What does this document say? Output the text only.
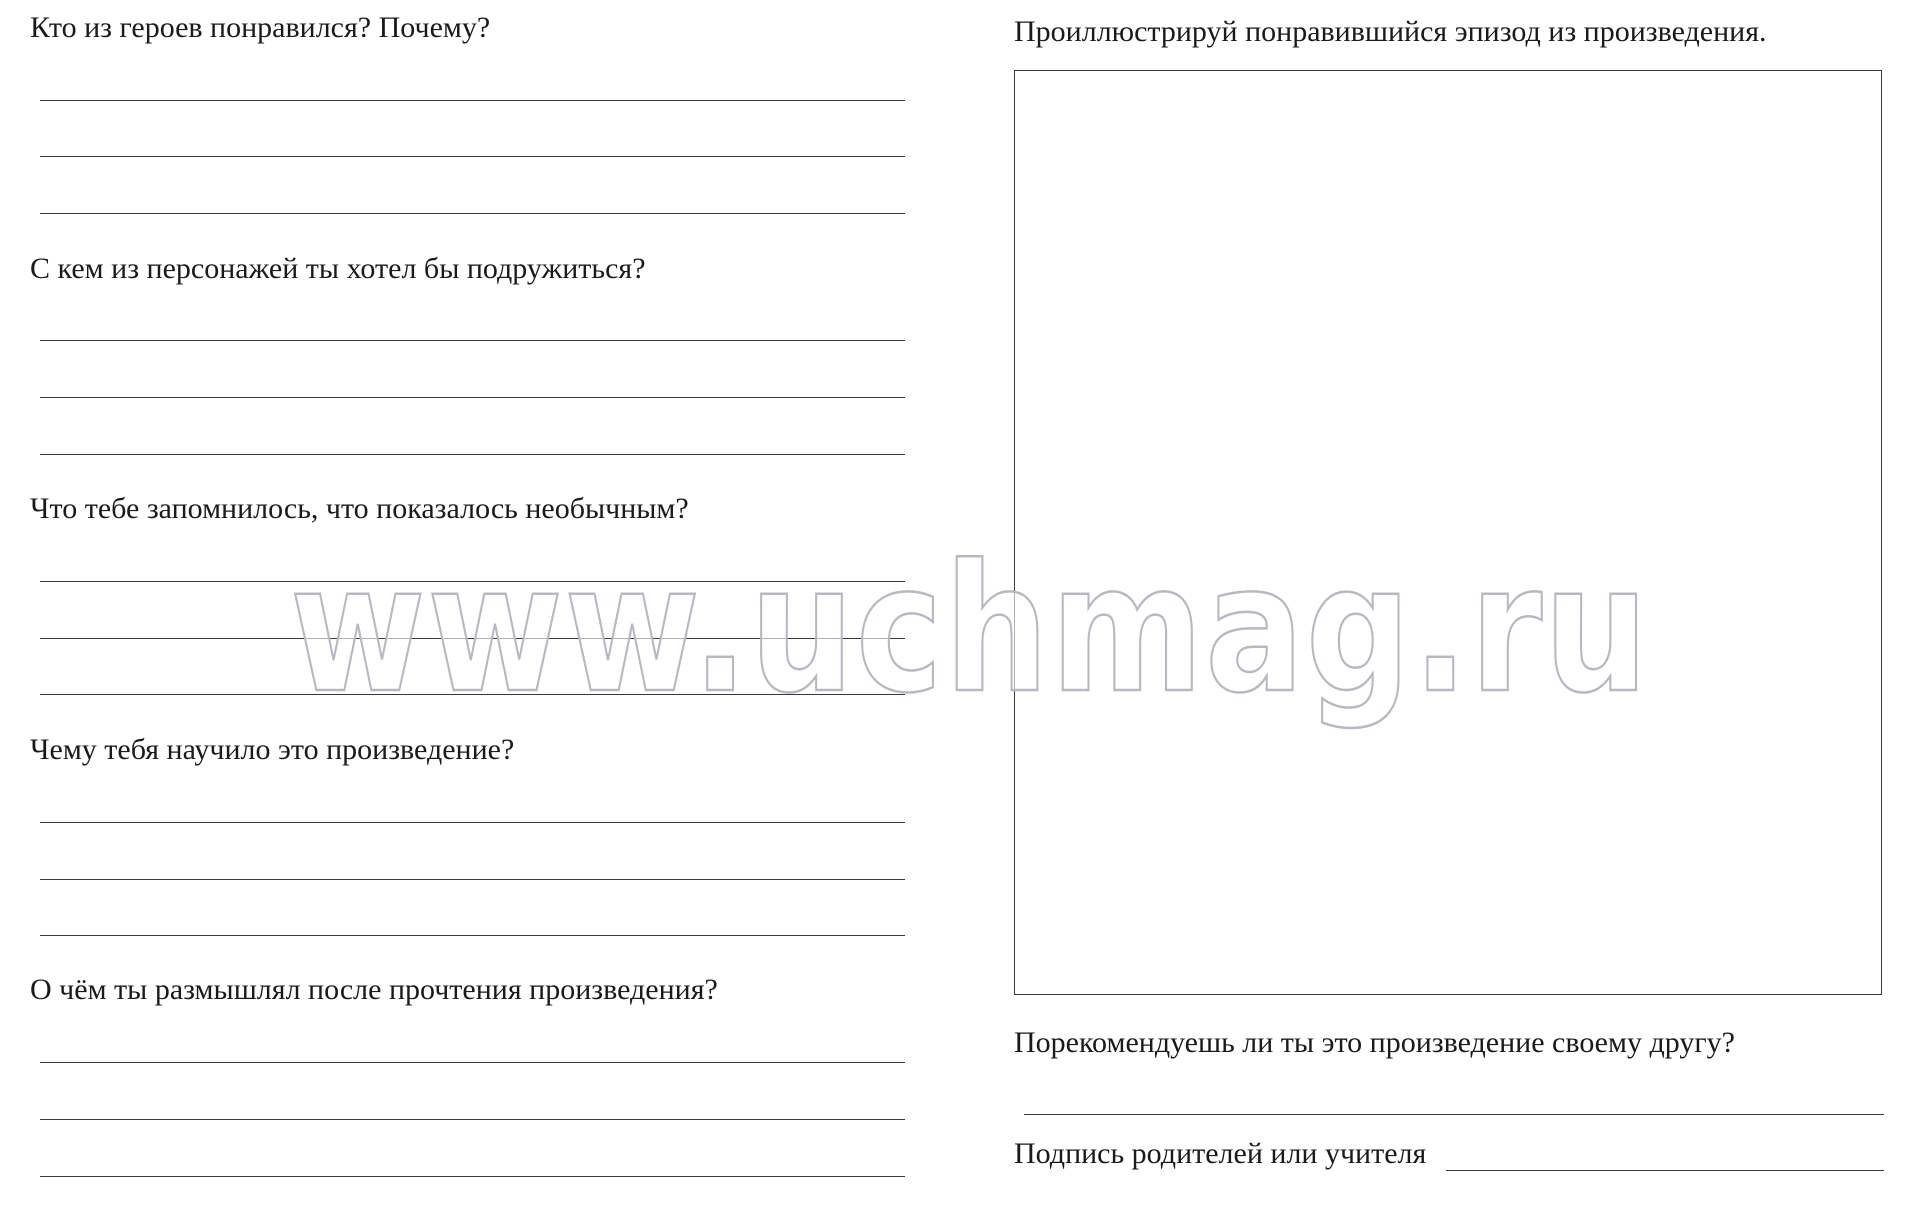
Кто из героев понравился? Почему?
С кем из персонажей ты хотел бы подружиться?
Что тебе запомнилось, что показалось необычным?
Чему тебя научило это произведение?
О чём ты размышлял после прочтения произведения?
Проиллюстрируй понравившийся эпизод из произведения.
Порекомендуешь ли ты это произведение своему другу?
Подпись родителей или учителя
www.uchmag.ru
